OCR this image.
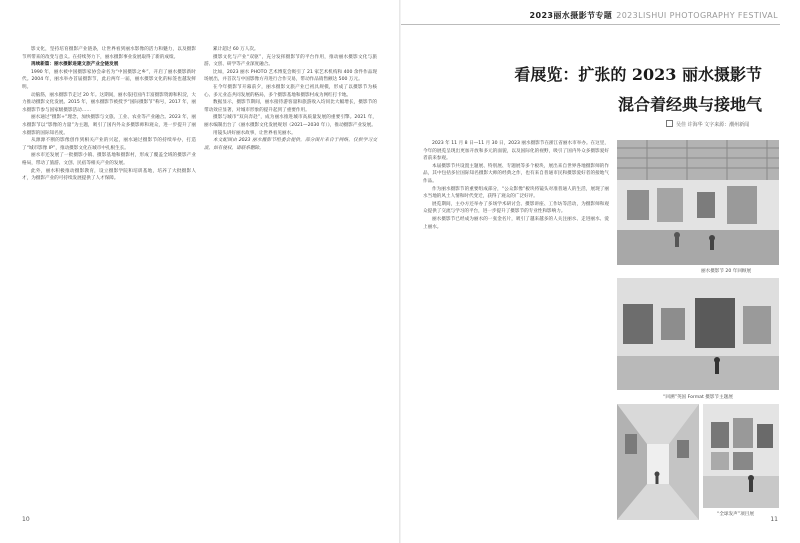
影文化，坚持培育摄影产业链条，让世界看到丽水影像的活力和魅力，以及摄影节所带来的改变与意义。在持续努力下，丽水摄影事业发展取得了新的成绩。

再续新篇：丽水摄影进建文旅产业全链发展

1990 年，丽水被中国摄影家协会命名为“中国摄影之乡”，开启了丽水摄影新时代。2004 年，丽水举办首届摄影节，此后两年一届，丽水摄影文化的标签也越发鲜明。

动脑筋，丽水摄影节走过 20 年。这期间，丽水依托国内丰富摄影资源和积淀，大力推动摄影文化发展。2015 年，丽水摄影节被授予“国际摄影节”称号，2017 年，丽水摄影节参与国家级摄影活动……

丽水通过“摄影+”理念，加快摄影与文旅、工业、农业等产业融合。2023 年，丽水摄影节以“影像的力量”为主题，吸引了国内外众多摄影师和观众，进一步提升了丽水摄影的国际知名度。

从源源不断的影像创作到相关产业的兴起，丽水通过摄影节的持续举办，打造了“城市影像 IP”，推动摄影文化在城市中扎根生长。

丽水市还发展了一批摄影小镇、摄影基地和摄影村，形成了覆盖全域的摄影产业格局，带动了旅游、文创、民宿等相关产业的发展。

此外，丽水积极推动摄影教育，设立摄影学院和培训基地，培养了大批摄影人才，为摄影产业的可持续发展提供了人才保障。

累计超过 60 万人次。

摄影文化与产业“双驱”，充分发挥摄影节的平台作用，推动丽水摄影文化与旅游、文创、研学等产业深度融合。

比如，2023 丽水 PHOTO 艺术博览会吸引了 21 家艺术机构和 400 余件作品现场展出，并首次与中国影像方舟进行合作交易，带动作品销售额达 500 万元。

在今年摄影节开幕前夕，丽水摄影文旅产业已初具规模，形成了以摄影节为核心、多元业态共同发展的格局，多个摄影基地和摄影村成为网红打卡地。

数据显示，摄影节期间，丽水接待游客量和旅游收入均同比大幅增长，摄影节的带动效应显著，对城市形象的提升起到了重要作用。

摄影与城市“双向奔赴”，成为丽水推进城市高质量发展的重要引擎。2021 年，丽水编制出台了《丽水摄影文化发展规划（2021—2030 年）》，推动摄影产业发展。

用镜头讲好丽水故事，让世界看见丽水。

本文配图由 2023 丽水摄影节组委会提供，部分图片来自于网络，仅供学习交流，如有侵权，请联系删除。

10
2023丽水摄影节专题 2023LISHUI PHOTOGRAPHY FESTIVAL
看展览：扩张的 2023 丽水摄影节
混合着经典与接地气
吴佳 许海华 文字来源：潮州新闻
丽水摄影节 20 年回顾展
“回溯”英国 Format 摄影节主题展
“全球发声”项目展

2023 年 11 月 8 日—11 月 30 日，2023 丽水摄影节在浙江省丽水市举办。在这里，今年的展览呈现出更加开放和多元的面貌，以及国际化的视野，吸引了国内外众多摄影爱好者前来参观。

本届摄影节共设置主题展、特别展、专题展等多个板块，展出来自世界各地摄影师的作品，其中包括多位国际知名摄影大师的经典之作，也有来自普通市民和摄影爱好者的接地气作品。

作为丽水摄影节的重要组成部分，“公众影像”板块将镜头对准普通人的生活，展现了丽水当地的风土人情和时代变迁，获得了观众的广泛好评。

展览期间，主办方还举办了多场学术研讨会、摄影讲座、工作坊等活动，为摄影师和观众提供了交流与学习的平台，进一步提升了摄影节的专业性和影响力。

丽水摄影节已经成为丽水的一张金名片，吸引了越来越多的人关注丽水、走进丽水、爱上丽水。

11
